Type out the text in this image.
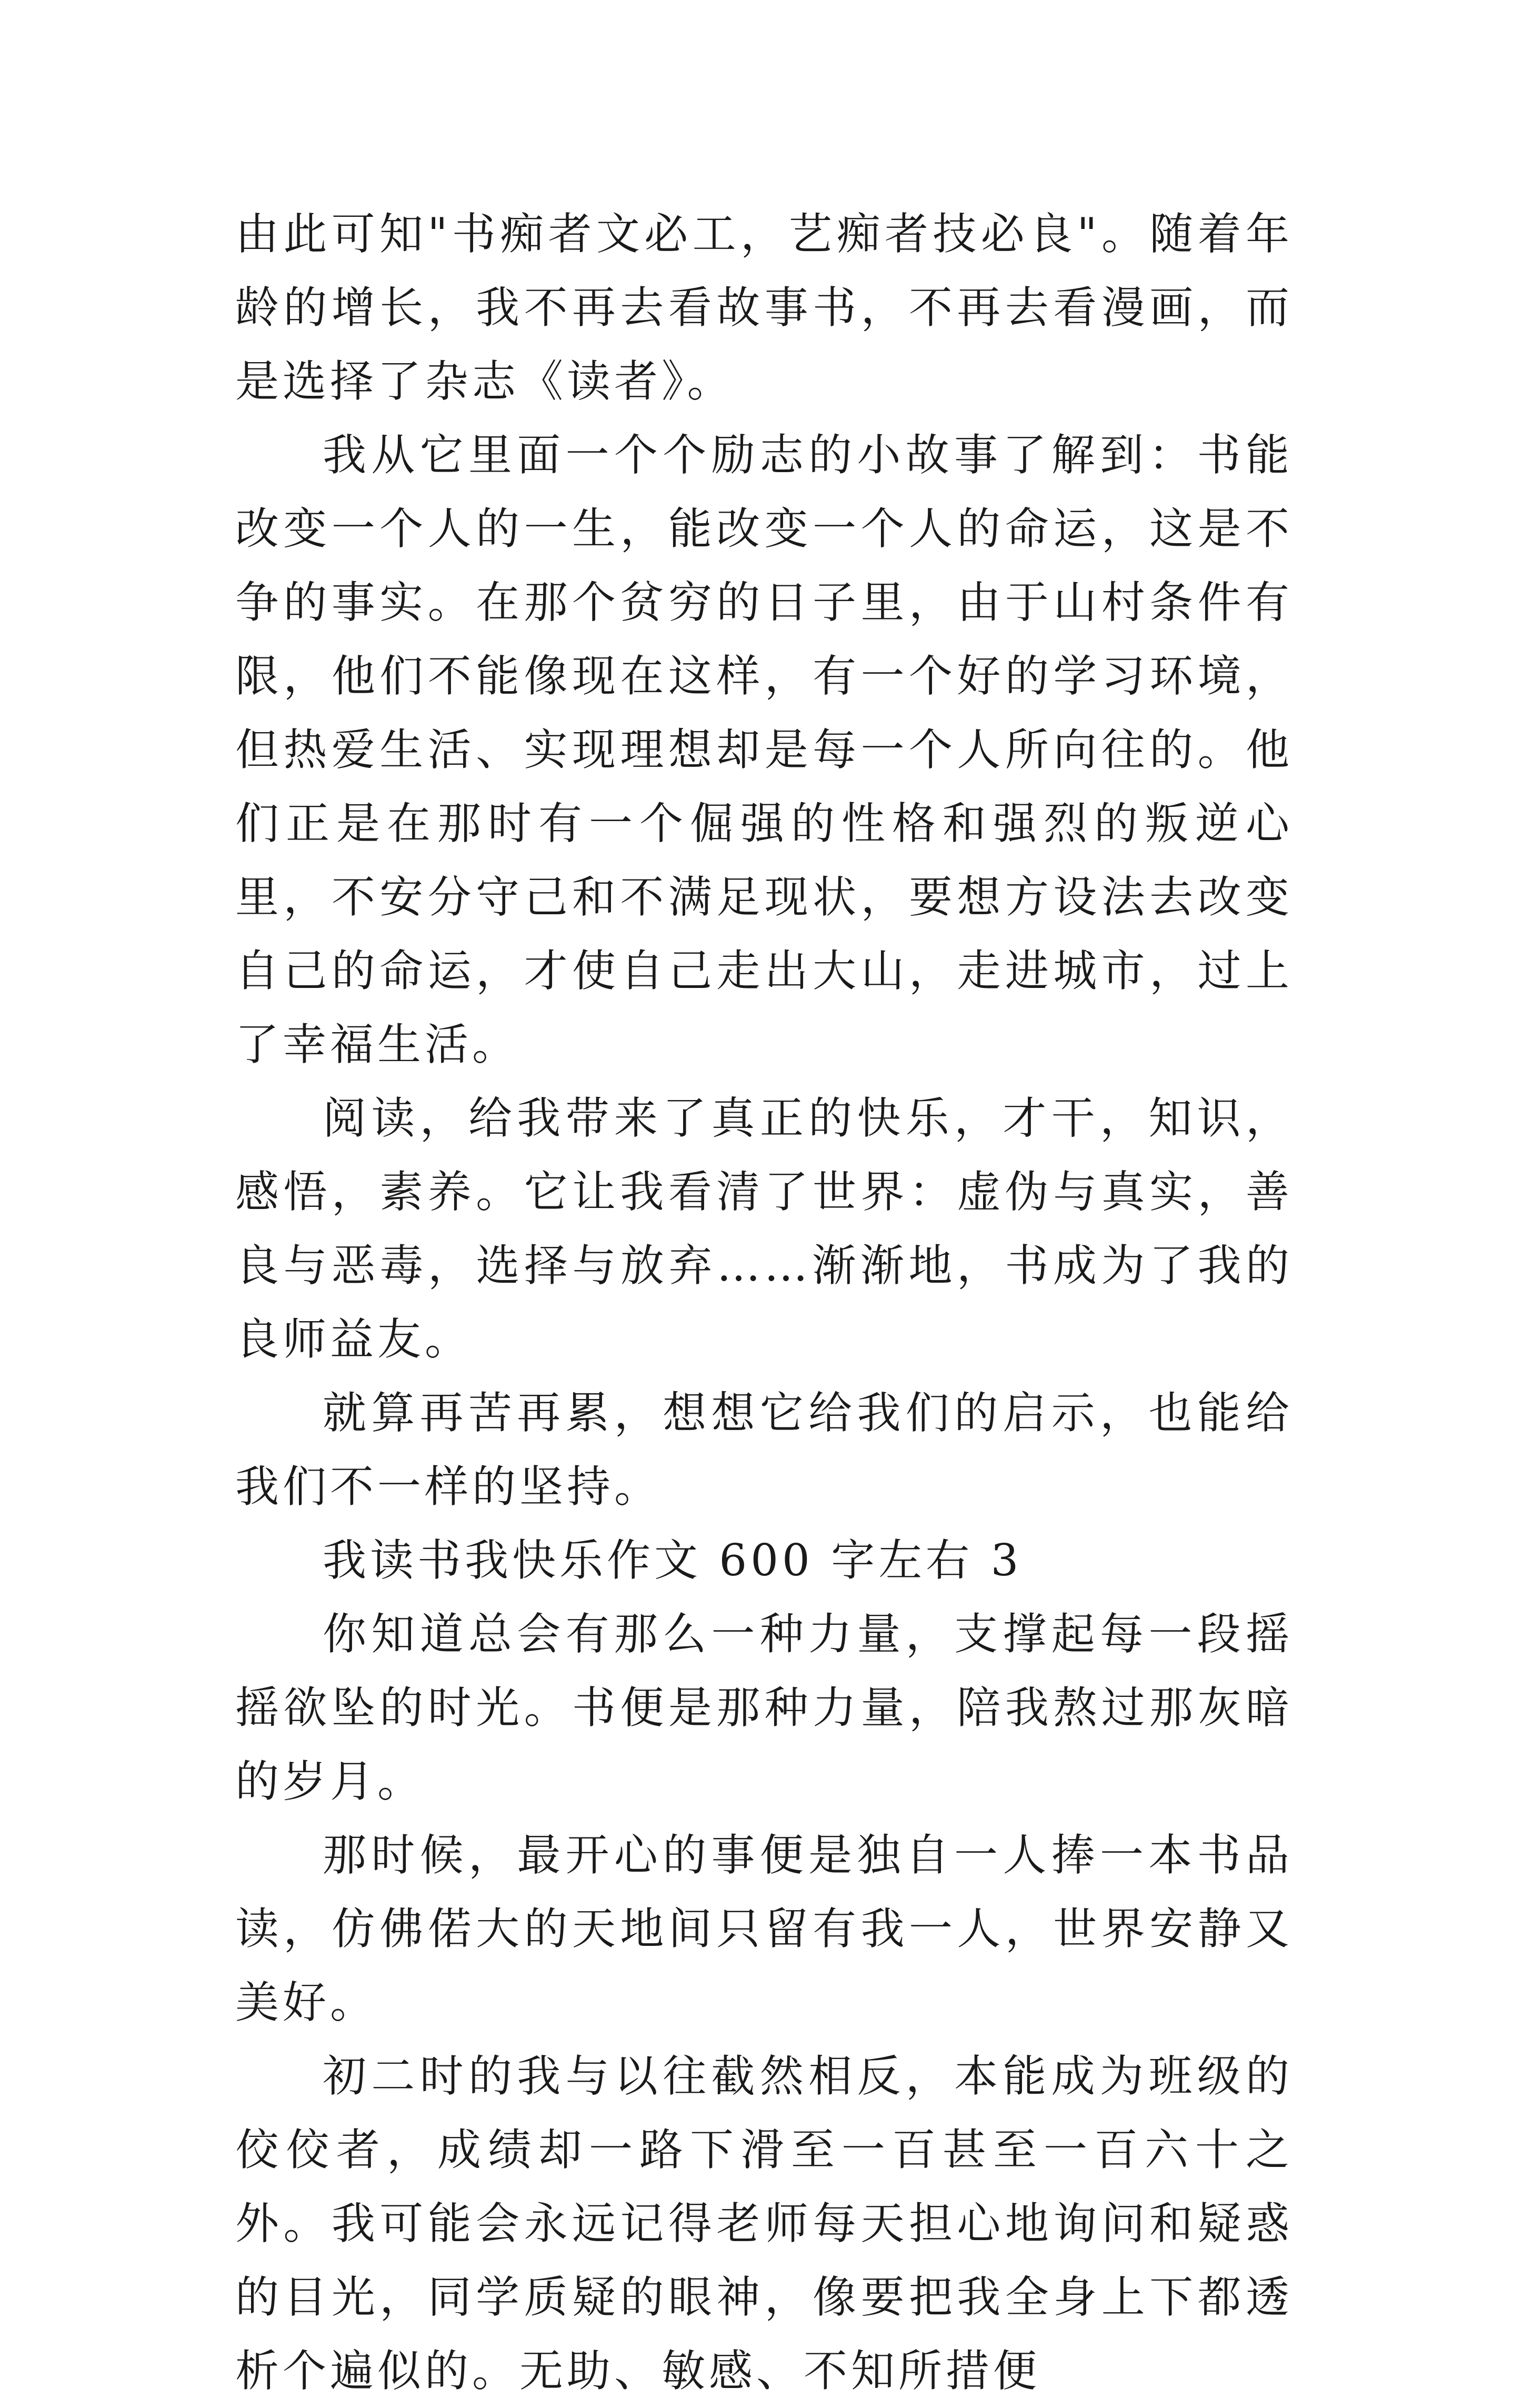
由此可知"书痴者文必工，艺痴者技必良"。随着年龄的增长，我不再去看故事书，不再去看漫画，而是选择了杂志《读者》。

我从它里面一个个励志的小故事了解到：书能改变一个人的一生，能改变一个人的命运，这是不争的事实。在那个贫穷的日子里，由于山村条件有限，他们不能像现在这样，有一个好的学习环境，但热爱生活、实现理想却是每一个人所向往的。他们正是在那时有一个倔强的性格和强烈的叛逆心里，不安分守己和不满足现状，要想方设法去改变自己的命运，才使自己走出大山，走进城市，过上了幸福生活。

阅读，给我带来了真正的快乐，才干，知识，感悟，素养。它让我看清了世界：虚伪与真实，善良与恶毒，选择与放弃……渐渐地，书成为了我的良师益友。

就算再苦再累，想想它给我们的启示，也能给我们不一样的坚持。

我读书我快乐作文 600 字左右 3

你知道总会有那么一种力量，支撑起每一段摇摇欲坠的时光。书便是那种力量，陪我熬过那灰暗的岁月。

那时候，最开心的事便是独自一人捧一本书品读，仿佛偌大的天地间只留有我一人，世界安静又美好。

初二时的我与以往截然相反，本能成为班级的佼佼者，成绩却一路下滑至一百甚至一百六十之外。我可能会永远记得老师每天担心地询问和疑惑的目光，同学质疑的眼神，像要把我全身上下都透析个遍似的。无助、敏感、不知所措便
